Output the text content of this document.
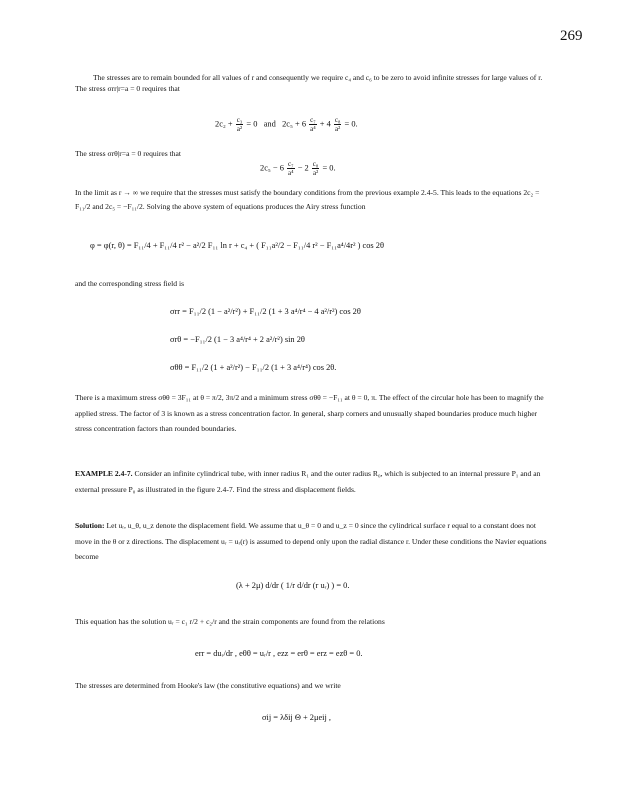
269
The stresses are to remain bounded for all values of r and consequently we require c₄ and c₆ to be zero to avoid infinite stresses for large values of r. The stress σrr|r=a = 0 requires that
$2c_2 + \frac{\text{c₃}}{\text{a²}} = 0$ and $2c_5 + 6 \frac{\text{c₇}}{\text{a⁴}} + 4 \frac{\text{c₈}}{\text{a²}} = 0$.
The stress σrθ|r=a = 0 requires that
$2c_5 - 6 \frac{\text{c₇}}{\text{a⁴}} - 2 \frac{\text{c₈}}{\text{a²}} = 0$.
In the limit as r → ∞ we require that the stresses must satisfy the boundary conditions from the previous example 2.4-5. This leads to the equations 2c₂ = F₁₁/2 and 2c₅ = −F₁₁/2. Solving the above system of equations produces the Airy stress function
φ = φ(r, θ) = F₁₁/4 + F₁₁/4 r² − a²/2 F₁₁ ln r + c₄ + ( F₁₁a²/2 − F₁₁/4 r² − F₁₁a⁴/4r² ) cos 2θ
and the corresponding stress field is
σrr = F₁₁/2 (1 − a²/r²) + F₁₁/2 (1 + 3 a⁴/r⁴ − 4 a²/r²) cos 2θ
σrθ = −F₁₁/2 (1 − 3 a⁴/r⁴ + 2 a²/r²) sin 2θ
σθθ = F₁₁/2 (1 + a²/r²) − F₁₁/2 (1 + 3 a⁴/r⁴) cos 2θ.
There is a maximum stress σθθ = 3F₁₁ at θ = π/2, 3π/2 and a minimum stress σθθ = −F₁₁ at θ = 0, π. The effect of the circular hole has been to magnify the applied stress. The factor of 3 is known as a stress concentration factor. In general, sharp corners and unusually shaped boundaries produce much higher stress concentration factors than rounded boundaries.
EXAMPLE 2.4-7. Consider an infinite cylindrical tube, with inner radius R₁ and the outer radius R₀, which is subjected to an internal pressure P₁ and an external pressure P₀ as illustrated in the figure 2.4-7. Find the stress and displacement fields.
Solution: Let uᵣ, u_θ, u_z denote the displacement field. We assume that u_θ = 0 and u_z = 0 since the cylindrical surface r equal to a constant does not move in the θ or z directions. The displacement uᵣ = uᵣ(r) is assumed to depend only upon the radial distance r. Under these conditions the Navier equations become
(λ + 2μ) d/dr ( 1/r d/dr (r uᵣ) ) = 0.
This equation has the solution uᵣ = c₁ r/2 + c₂/r and the strain components are found from the relations
err = duᵣ/dr , eθθ = uᵣ/r , ezz = erθ = erz = ezθ = 0.
The stresses are determined from Hooke's law (the constitutive equations) and we write
σij = λδij Θ + 2μeij ,
